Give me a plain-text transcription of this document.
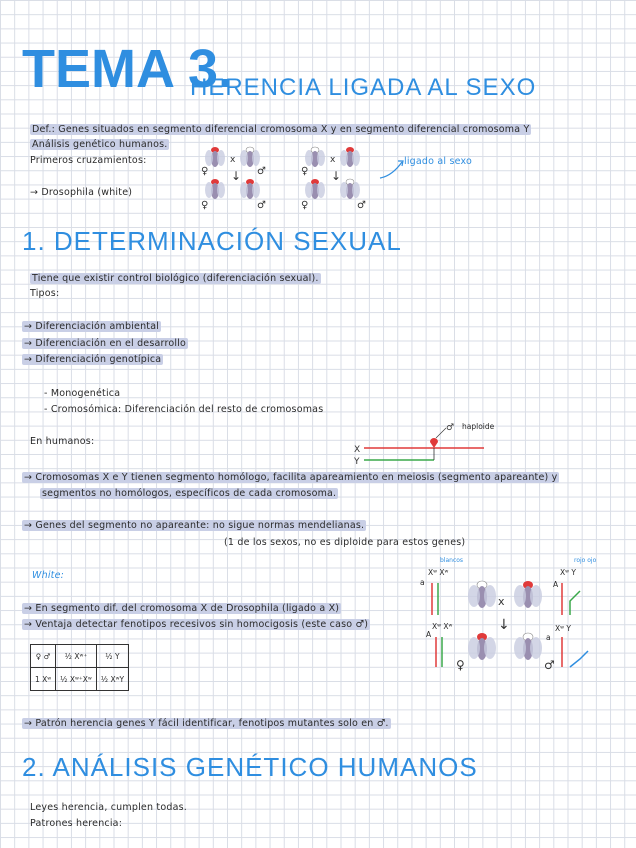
TEMA 3.
HERENCIA LIGADA AL SEXO
Def.: Genes situados en segmento diferencial cromosoma X y en segmento diferencial cromosoma Y
Análisis genético humanos.
Primeros cruzamientos:
→ Drosophila (white)
ligado al sexo
x
↓
♀	♂
♀	♂
x
↓
♀
♀	♂
1. DETERMINACIÓN SEXUAL
Tiene que existir control biológico (diferenciación sexual).
Tipos:
→ Diferenciación ambiental
→ Diferenciación en el desarrollo
→ Diferenciación genotípica
- Monogenética
- Cromosómica: Diferenciación del resto de cromosomas
En humanos:
X
Y
♂ haploide
→ Cromosomas X e Y tienen segmento homólogo, facilita apareamiento en meiosis (segmento apareante) y
segmentos no homólogos, específicos de cada cromosoma.
→ Genes del segmento no apareante: no sigue normas mendelianas.
(1 de los sexos, no es diploide para estos genes)
White:
→ En segmento dif. del cromosoma X de Drosophila (ligado a X)
→ Ventaja detectar fenotipos recesivos sin homocigosis (este caso ♂)
Xʷ Xʷ
blancos
Xʷ Y
rojo ojo
a	A
A
Xʷ Xʷ
a
Xʷ Y
x
↓
♀	♂
♀ ♂	½ Xʷ⁺	½ Y
1 Xʷ	½ Xʷ⁺Xʷ	½ XʷY
→ Patrón herencia genes Y fácil identificar, fenotipos mutantes solo en ♂.
2. ANÁLISIS GENÉTICO HUMANOS
Leyes herencia, cumplen todas.
Patrones herencia:
